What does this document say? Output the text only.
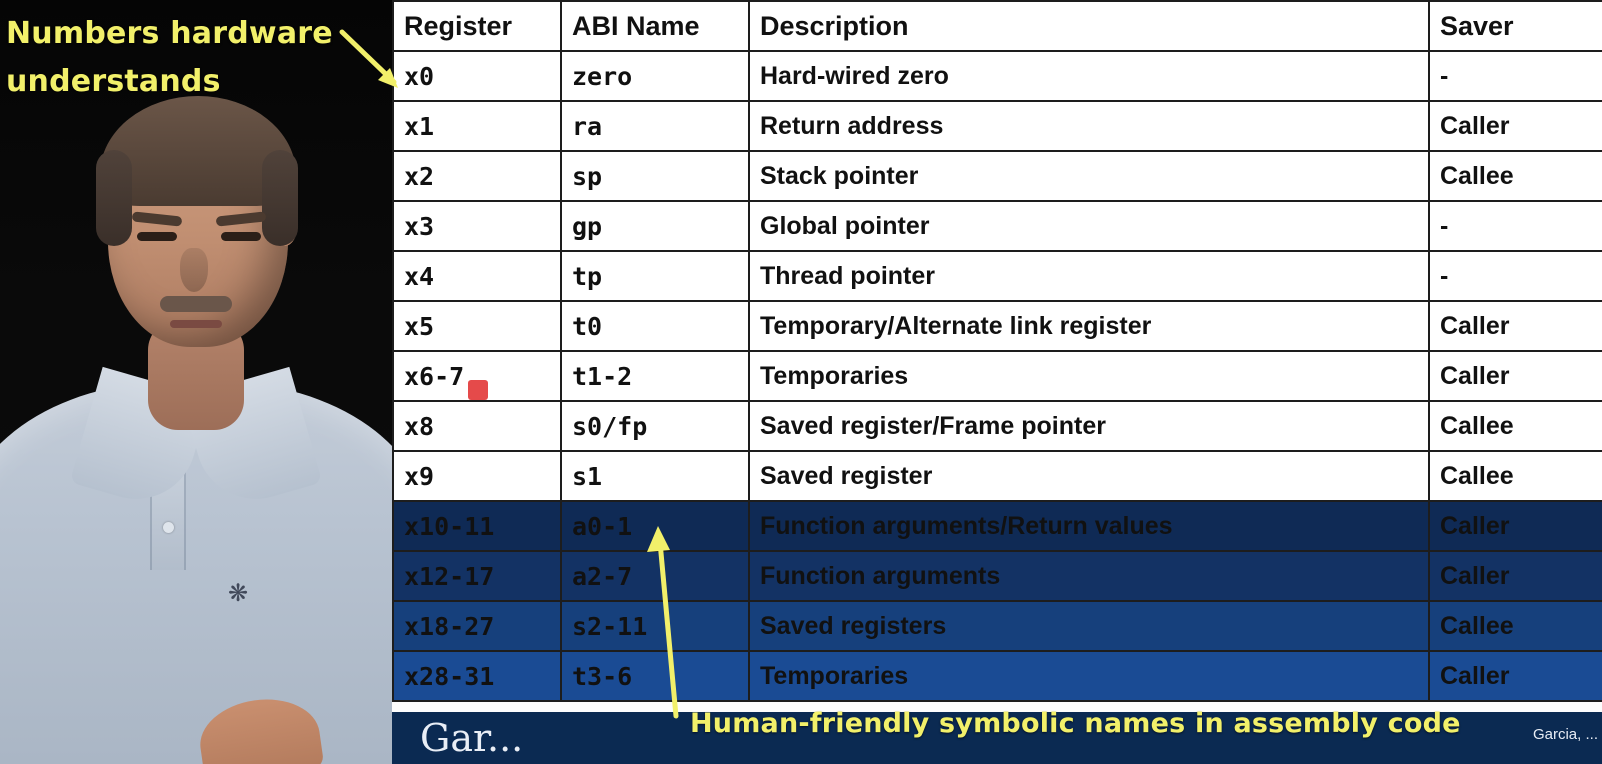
❋
Register	ABI Name	Description	Saver
x0	zero	Hard-wired zero	-
x1	ra	Return address	Caller
x2	sp	Stack pointer	Callee
x3	gp	Global pointer	-
x4	tp	Thread pointer	-
x5	t0	Temporary/Alternate link register	Caller
x6-7	t1-2	Temporaries	Caller
x8	s0/fp	Saved register/Frame pointer	Callee
x9	s1	Saved register	Callee
x10-11	a0-1	Function arguments/Return values	Caller
x12-17	a2-7	Function arguments	Caller
x18-27	s2-11	Saved registers	Callee
x28-31	t3-6	Temporaries	Caller
Gar...	Garcia, ...
Numbers hardware understands
Human-friendly symbolic names in assembly code
